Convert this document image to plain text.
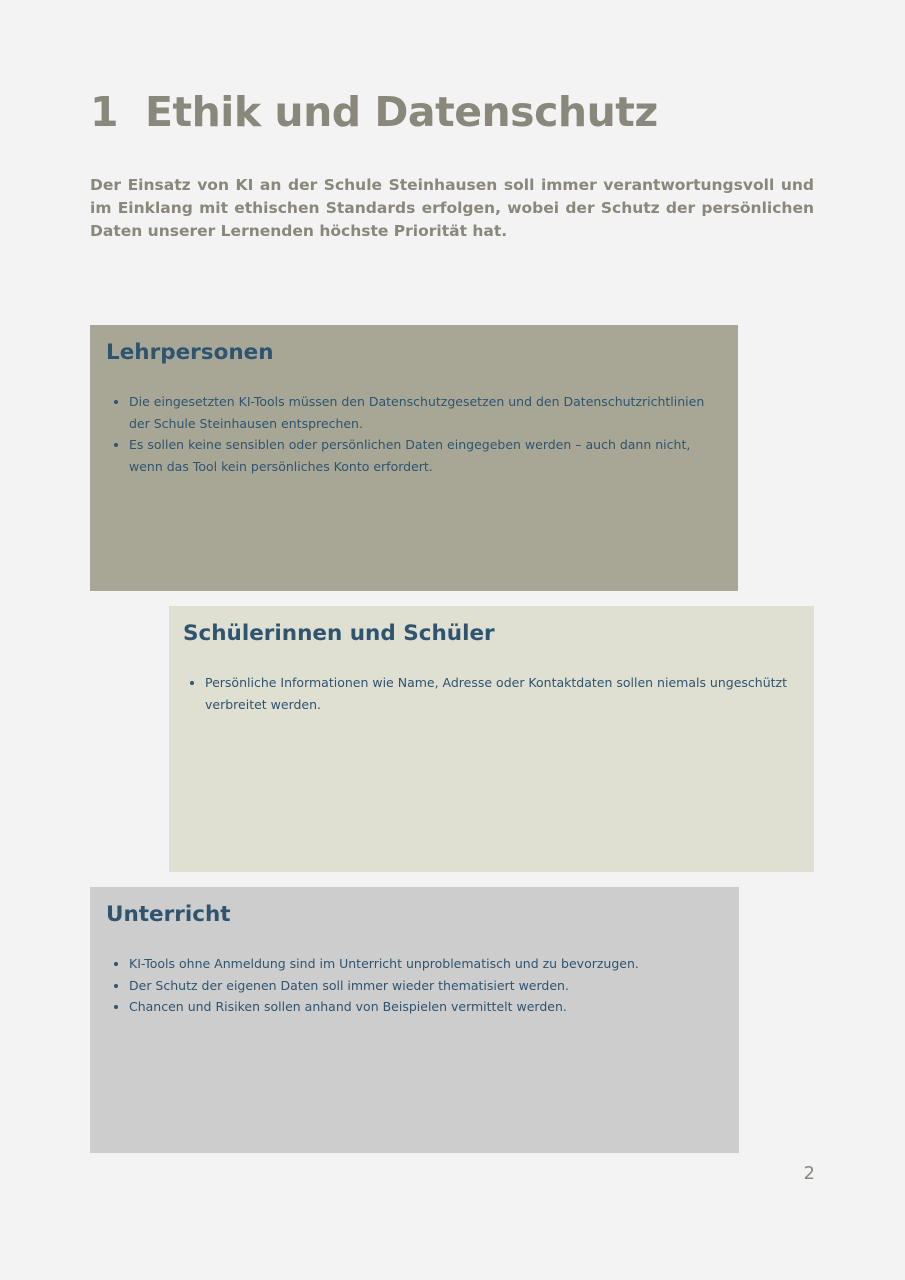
1 Ethik und Datenschutz

Der Einsatz von KI an der Schule Steinhausen soll immer verantwortungsvoll und im Einklang mit ethischen Standards erfolgen, wobei der Schutz der persönlichen Daten unserer Lernenden höchste Priorität hat.

Lehrpersonen
• Die eingesetzten KI-Tools müssen den Datenschutzgesetzen und den Datenschutzrichtlinien der Schule Steinhausen entsprechen.
• Es sollen keine sensiblen oder persönlichen Daten eingegeben werden – auch dann nicht, wenn das Tool kein persönliches Konto erfordert.
Schülerinnen und Schüler
• Persönliche Informationen wie Name, Adresse oder Kontaktdaten sollen niemals ungeschützt verbreitet werden.
Unterricht
• KI-Tools ohne Anmeldung sind im Unterricht unproblematisch und zu bevorzugen.
• Der Schutz der eigenen Daten soll immer wieder thematisiert werden.
• Chancen und Risiken sollen anhand von Beispielen vermittelt werden.
2
